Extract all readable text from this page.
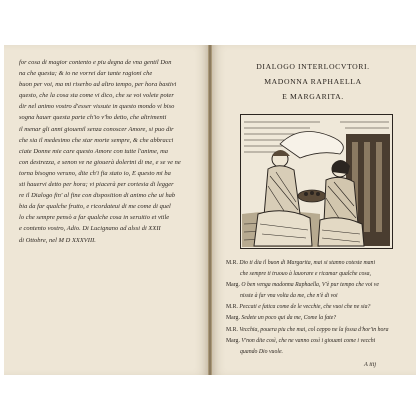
for cosa di magior contento e piu degna de vna gentil Don
na che questa; & io ne vorrei dar tante ragioni che
buon per voi, ma mi riserbo ad altro tempo, per hora bastivi
questo, che la cosa sta come vi dico, che se voi volete poter
dir nel animo vostro d'esser vissute in questo mondo vi biso
sogna hauer questa parte ch'io v'ho detto, che altrimenti
il menar gli anni giouenil senza conoscer Amore, si puo dir
che sia il medesimo che star morte sempre, & che abbracci
ciate Donne mie care questo Amore con tutte l'anime, ma
con destrezza, e senon ve ne giouerà dolertni di me, e se ve ne
torna bisogno veruno, dite ch'i fia stato io, E questo mi ba
sti hauervi detto per hora; vi piacerà per cortesia di legger
re il Dialogo fin' al fine con disposition di animo che ui hab
bia da far qualche frutto, e ricordateui di me come di quel
lo che sempre pensò a far qualche cosa in seruitio et vtile
e contento vostro, Adio. Di Lucignano ad alssi di XXII
di Ottobre, nel M D XXXVIII.
DIALOGO INTERLOCVTORI.
MADONNA RAPHAELLA
E MARGARITA.
M.R. Dio ti dia il buon di Margarita, mai si stanno coteste mani
che sempre ti truouo à lauorare e ricamar qualche cosa,
Marg. O ben venga madonna Raphaella, V'è pur tempo che voi ve
nisste à far vna volta da me, che n'è di voi
M.R. Peccati e fatica come de le vecchie, che vuoi che ne sia?
Marg. Sedete un poco qui da me, Come la fate?
M.R. Vecchia, pouera piu che mai, col ceppo ne la fossa d'hor'in hora
Marg. V'non dite così, che ne vanno così i giouani come i vecchi
quando Dio vuole.
A iiij
